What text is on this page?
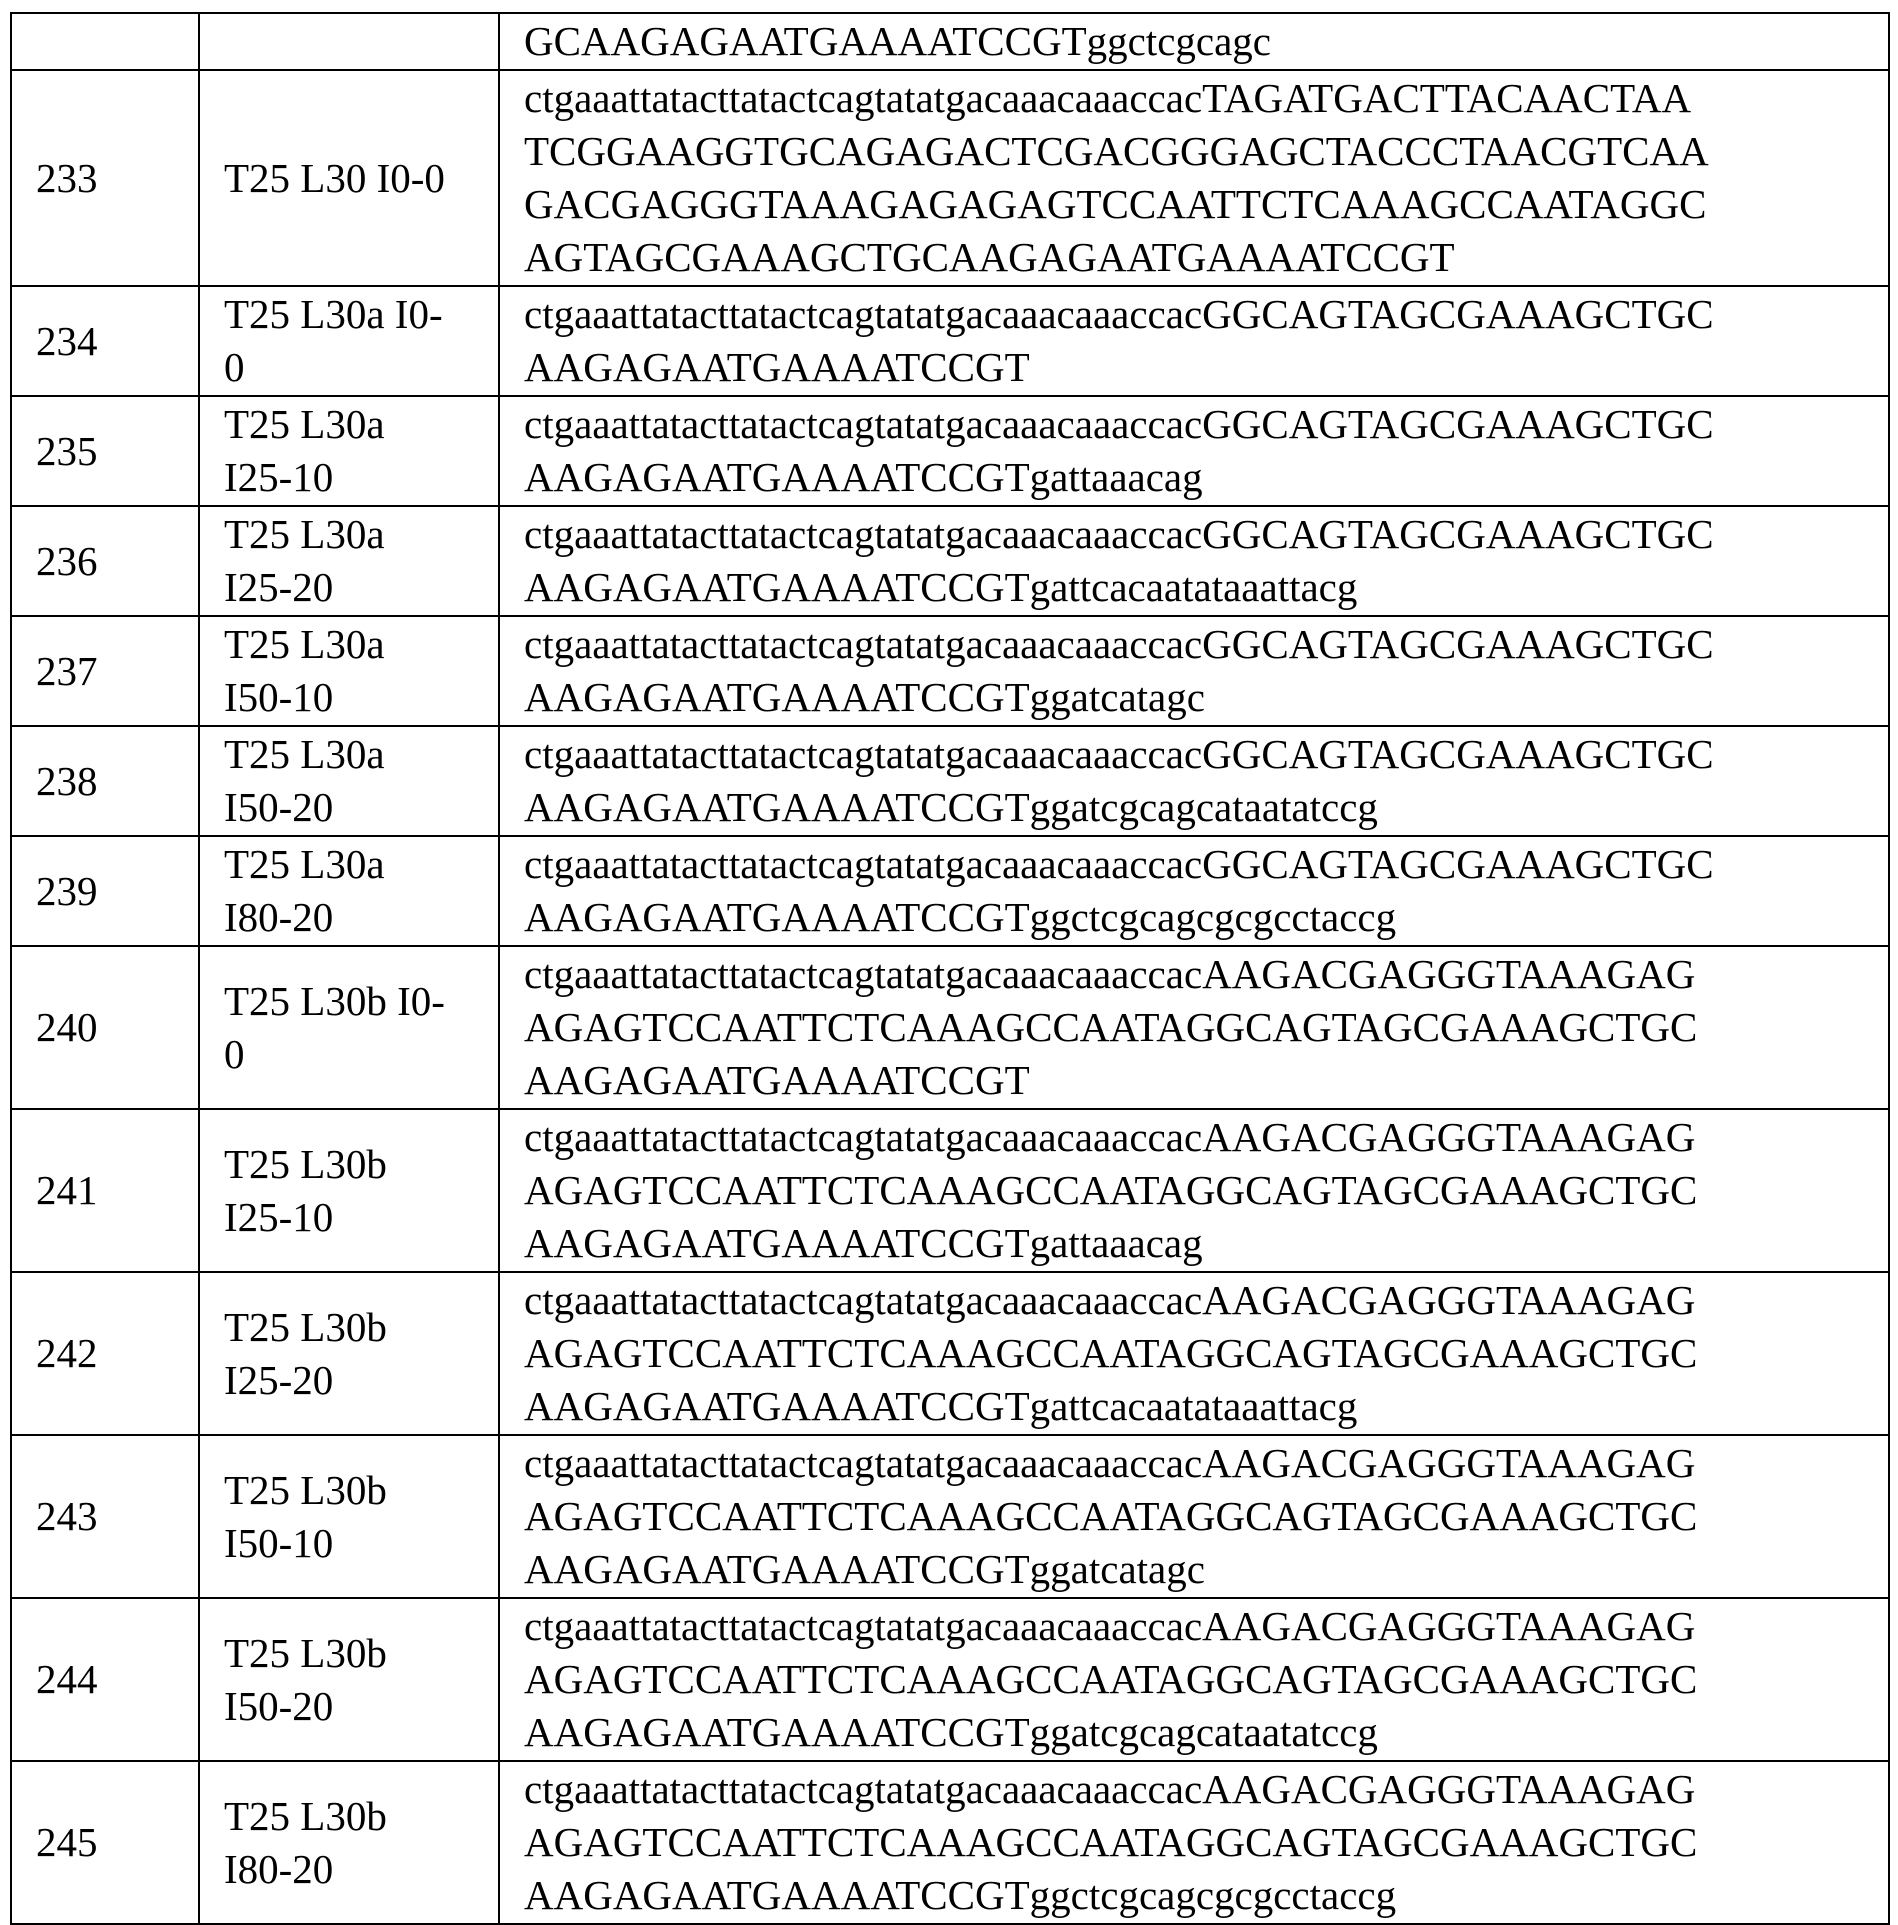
GCAAGAGAATGAAAATCCGTggctcgcagc

233	T25 L30 I0-0

ctgaaattatacttatactcagtatatgacaaacaaaccacTAGATGACTTACAACTAA
TCGGAAGGTGCAGAGACTCGACGGGAGCTACCCTAACGTCAA
GACGAGGGTAAAGAGAGAGTCCAATTCTCAAAGCCAATAGGC
AGTAGCGAAAGCTGCAAGAGAATGAAAATCCGT

234	
T25 L30a I0-
0

ctgaaattatacttatactcagtatatgacaaacaaaccacGGCAGTAGCGAAAGCTGC
AAGAGAATGAAAATCCGT

235	
T25 L30a
I25-10

ctgaaattatacttatactcagtatatgacaaacaaaccacGGCAGTAGCGAAAGCTGC
AAGAGAATGAAAATCCGTgattaaacag

236	
T25 L30a
I25-20

ctgaaattatacttatactcagtatatgacaaacaaaccacGGCAGTAGCGAAAGCTGC
AAGAGAATGAAAATCCGTgattcacaatataaattacg

237	
T25 L30a
I50-10

ctgaaattatacttatactcagtatatgacaaacaaaccacGGCAGTAGCGAAAGCTGC
AAGAGAATGAAAATCCGTggatcatagc

238	
T25 L30a
I50-20

ctgaaattatacttatactcagtatatgacaaacaaaccacGGCAGTAGCGAAAGCTGC
AAGAGAATGAAAATCCGTggatcgcagcataatatccg

239	
T25 L30a
I80-20

ctgaaattatacttatactcagtatatgacaaacaaaccacGGCAGTAGCGAAAGCTGC
AAGAGAATGAAAATCCGTggctcgcagcgcgcctaccg

240	
T25 L30b I0-
0

ctgaaattatacttatactcagtatatgacaaacaaaccacAAGACGAGGGTAAAGAG
AGAGTCCAATTCTCAAAGCCAATAGGCAGTAGCGAAAGCTGC
AAGAGAATGAAAATCCGT

241	
T25 L30b
I25-10

ctgaaattatacttatactcagtatatgacaaacaaaccacAAGACGAGGGTAAAGAG
AGAGTCCAATTCTCAAAGCCAATAGGCAGTAGCGAAAGCTGC
AAGAGAATGAAAATCCGTgattaaacag

242	
T25 L30b
I25-20

ctgaaattatacttatactcagtatatgacaaacaaaccacAAGACGAGGGTAAAGAG
AGAGTCCAATTCTCAAAGCCAATAGGCAGTAGCGAAAGCTGC
AAGAGAATGAAAATCCGTgattcacaatataaattacg

243	
T25 L30b
I50-10

ctgaaattatacttatactcagtatatgacaaacaaaccacAAGACGAGGGTAAAGAG
AGAGTCCAATTCTCAAAGCCAATAGGCAGTAGCGAAAGCTGC
AAGAGAATGAAAATCCGTggatcatagc

244	
T25 L30b
I50-20

ctgaaattatacttatactcagtatatgacaaacaaaccacAAGACGAGGGTAAAGAG
AGAGTCCAATTCTCAAAGCCAATAGGCAGTAGCGAAAGCTGC
AAGAGAATGAAAATCCGTggatcgcagcataatatccg

245	
T25 L30b
I80-20

ctgaaattatacttatactcagtatatgacaaacaaaccacAAGACGAGGGTAAAGAG
AGAGTCCAATTCTCAAAGCCAATAGGCAGTAGCGAAAGCTGC
AAGAGAATGAAAATCCGTggctcgcagcgcgcctaccg
